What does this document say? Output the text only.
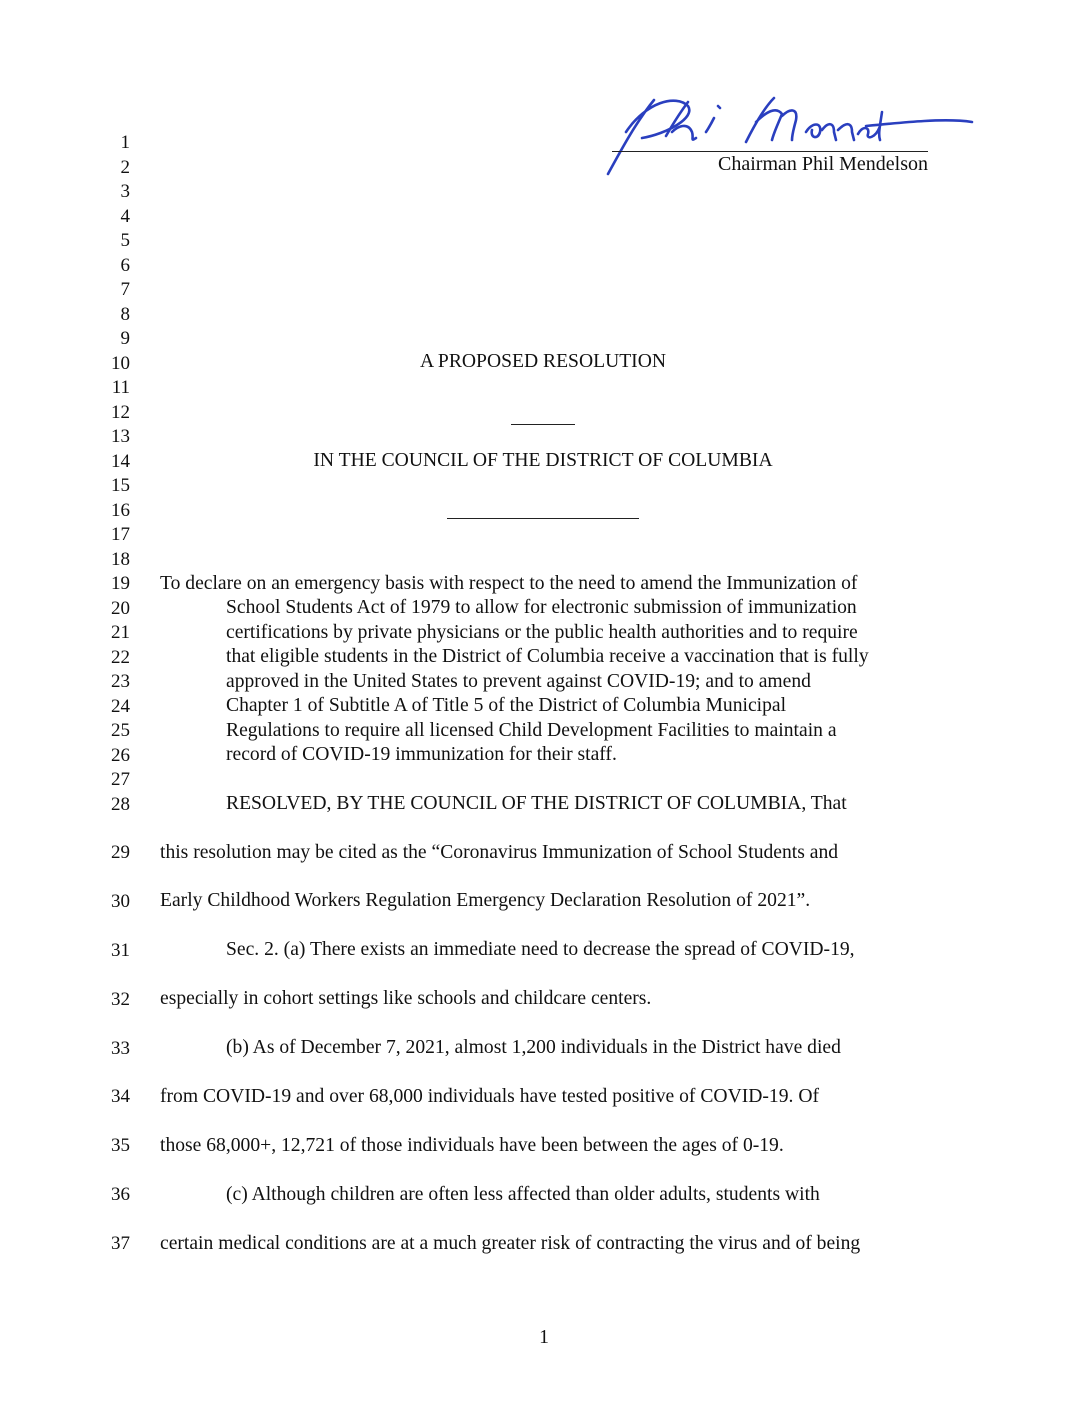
Chairman Phil Mendelson
1
2
3
4
5
6
7
8
9
10
11
12
13
14
15
16
17
18
19
20
21
22
23
24
25
26
27
28
29
30
31
32
33
34
35
36
37
A PROPOSED RESOLUTION
IN THE COUNCIL OF THE DISTRICT OF COLUMBIA
To declare on an emergency basis with respect to the need to amend the Immunization of
School Students Act of 1979 to allow for electronic submission of immunization
certifications by private physicians or the public health authorities and to require
that eligible students in the District of Columbia receive a vaccination that is fully
approved in the United States to prevent against COVID-19; and to amend
Chapter 1 of Subtitle A of Title 5 of the District of Columbia Municipal
Regulations to require all licensed Child Development Facilities to maintain a
record of COVID-19 immunization for their staff.
RESOLVED, BY THE COUNCIL OF THE DISTRICT OF COLUMBIA, That
this resolution may be cited as the “Coronavirus Immunization of School Students and
Early Childhood Workers Regulation Emergency Declaration Resolution of 2021”.
Sec. 2. (a) There exists an immediate need to decrease the spread of COVID-19,
especially in cohort settings like schools and childcare centers.
(b) As of December 7, 2021, almost 1,200 individuals in the District have died
from COVID-19 and over 68,000 individuals have tested positive of COVID-19. Of
those 68,000+, 12,721 of those individuals have been between the ages of 0-19.
(c) Although children are often less affected than older adults, students with
certain medical conditions are at a much greater risk of contracting the virus and of being
1
